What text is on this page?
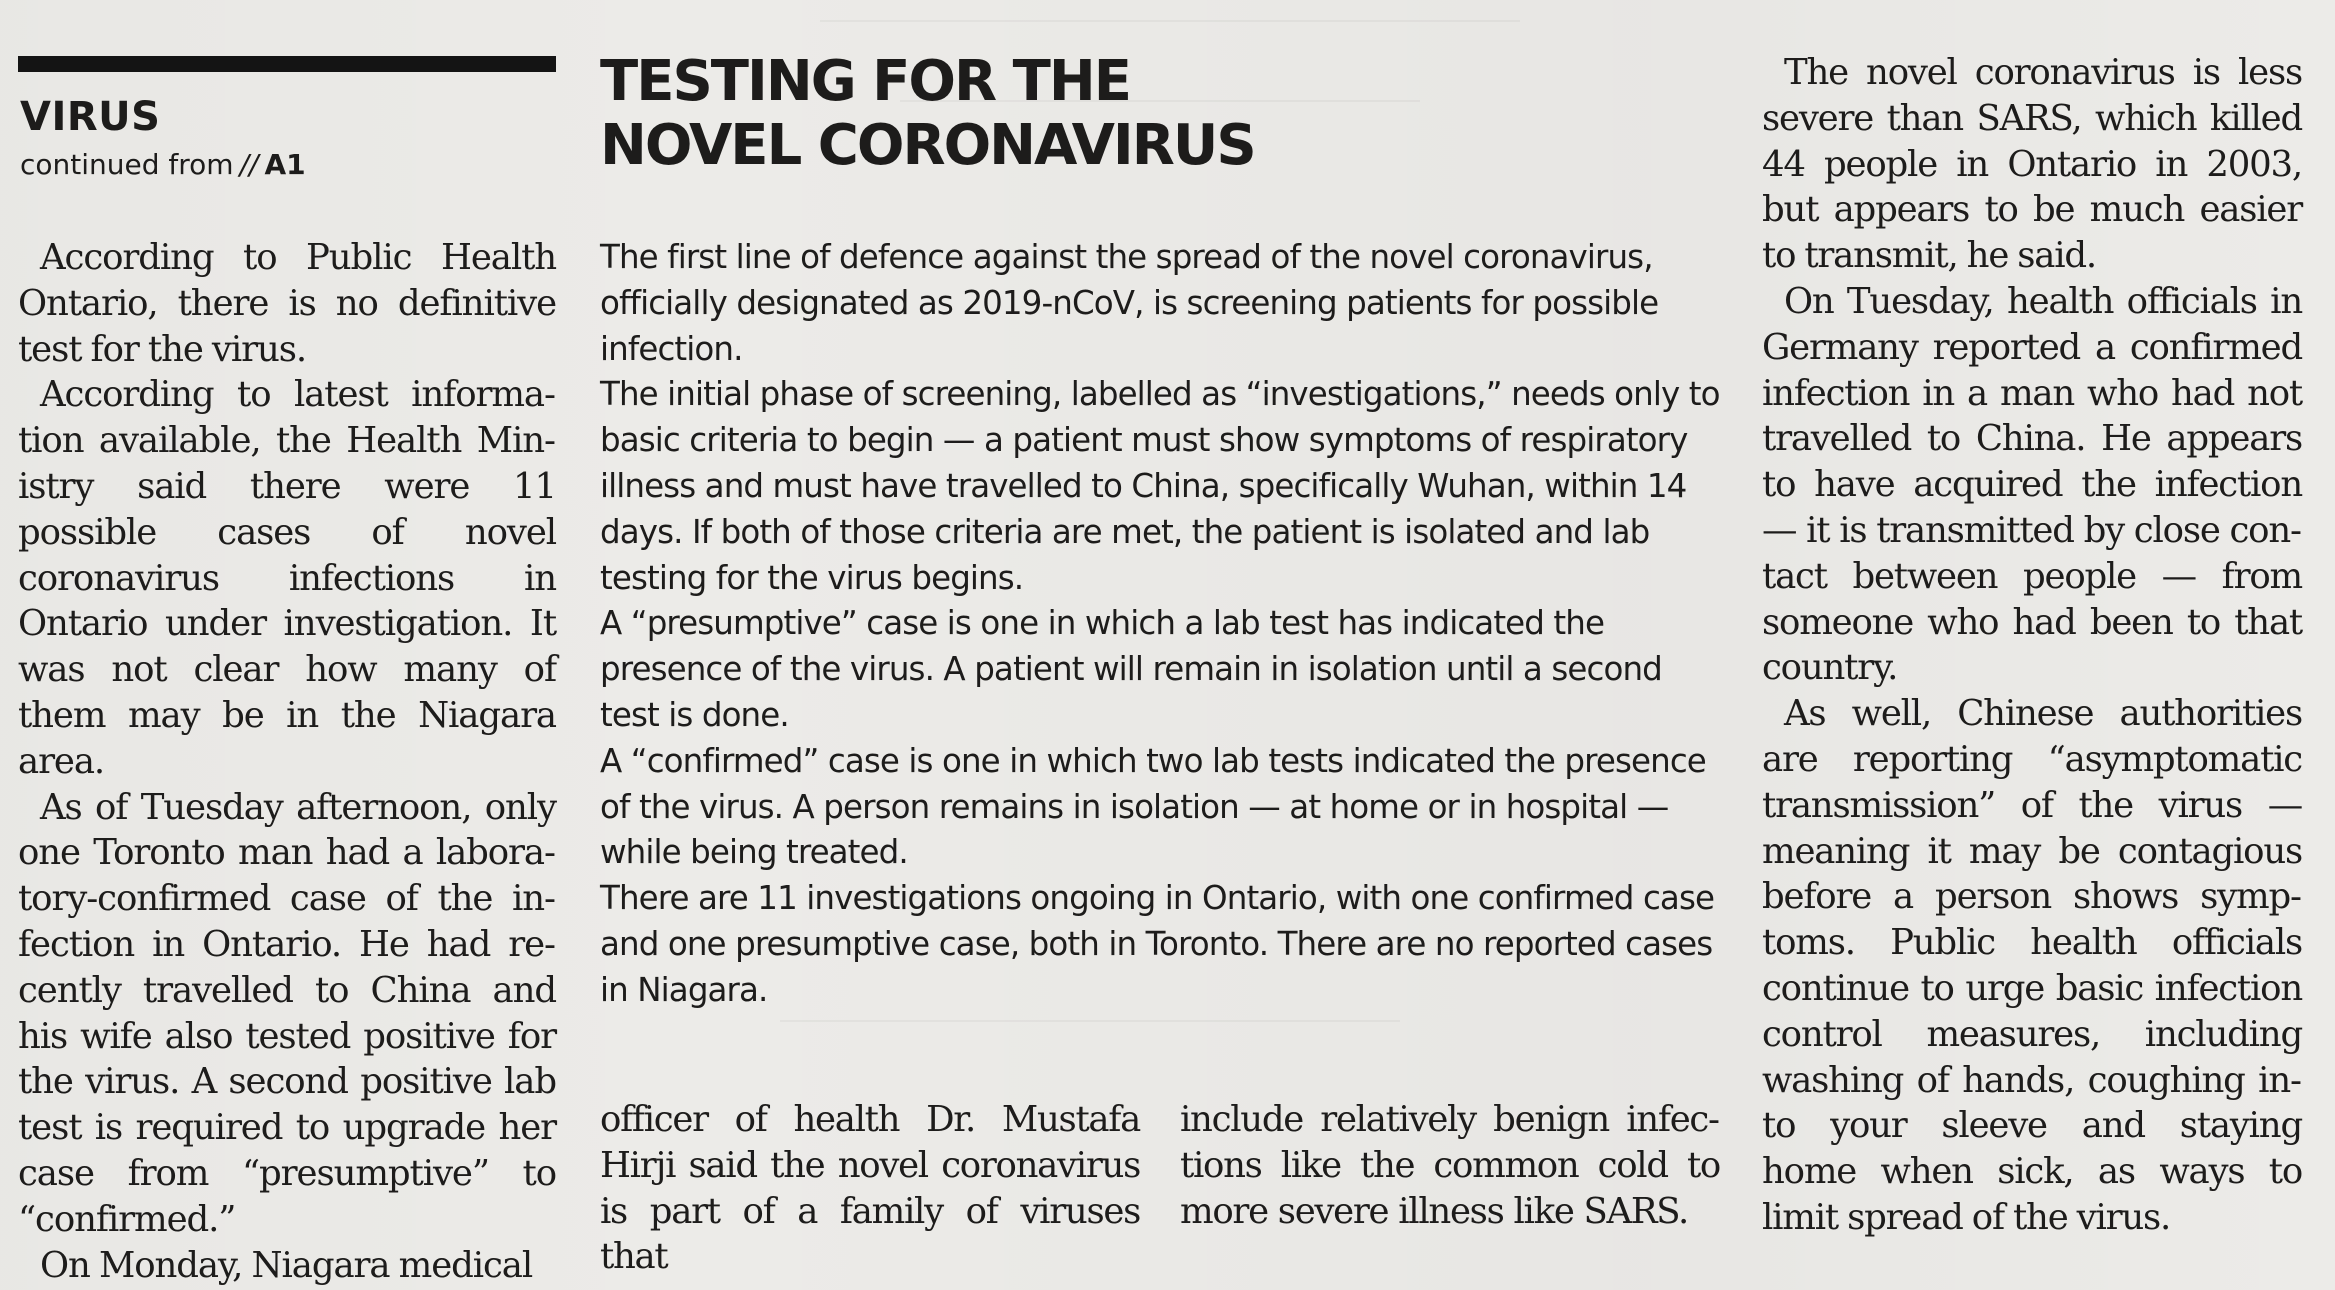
VIRUS
continued from // A1

According to Public Health Ontario, there is no definitive test for the virus.

According to latest information available, the Health Ministry said there were 11 possible cases of novel coronavirus infections in Ontario under investigation. It was not clear how many of them may be in the Niagara area.

As of Tuesday afternoon, only one Toronto man had a laboratory-confirmed case of the infection in Ontario. He had recently travelled to China and his wife also tested positive for the virus. A second positive lab test is required to upgrade her case from “presumptive” to “confirmed.”

On Monday, Niagara medical

TESTING FOR THE
NOVEL CORONAVIRUS

The first line of defence against the spread of the novel coronavirus, officially designated as 2019-nCoV, is screening patients for possible infection.

The initial phase of screening, labelled as “investigations,” needs only to basic criteria to begin — a patient must show symptoms of respiratory illness and must have travelled to China, specifically Wuhan, within 14 days. If both of those criteria are met, the patient is isolated and lab testing for the virus begins.

A “presumptive” case is one in which a lab test has indicated the presence of the virus. A patient will remain in isolation until a second test is done.

A “confirmed” case is one in which two lab tests indicated the presence of the virus. A person remains in isolation — at home or in hospital — while being treated.

There are 11 investigations ongoing in Ontario, with one confirmed case and one presumptive case, both in Toronto. There are no reported cases in Niagara.

officer of health Dr. Mustafa Hirji said the novel coronavirus is part of a family of viruses that
include relatively benign infections like the common cold to more severe illness like SARS.

The novel coronavirus is less severe than SARS, which killed 44 people in Ontario in 2003, but appears to be much easier to transmit, he said.

On Tuesday, health officials in Germany reported a confirmed infection in a man who had not travelled to China. He appears to have acquired the infection — it is transmitted by close contact between people — from someone who had been to that country.

As well, Chinese authorities are reporting “asymptomatic transmission” of the virus — meaning it may be contagious before a person shows symptoms. Public health officials continue to urge basic infection control measures, including washing of hands, coughing into your sleeve and staying home when sick, as ways to limit spread of the virus.
